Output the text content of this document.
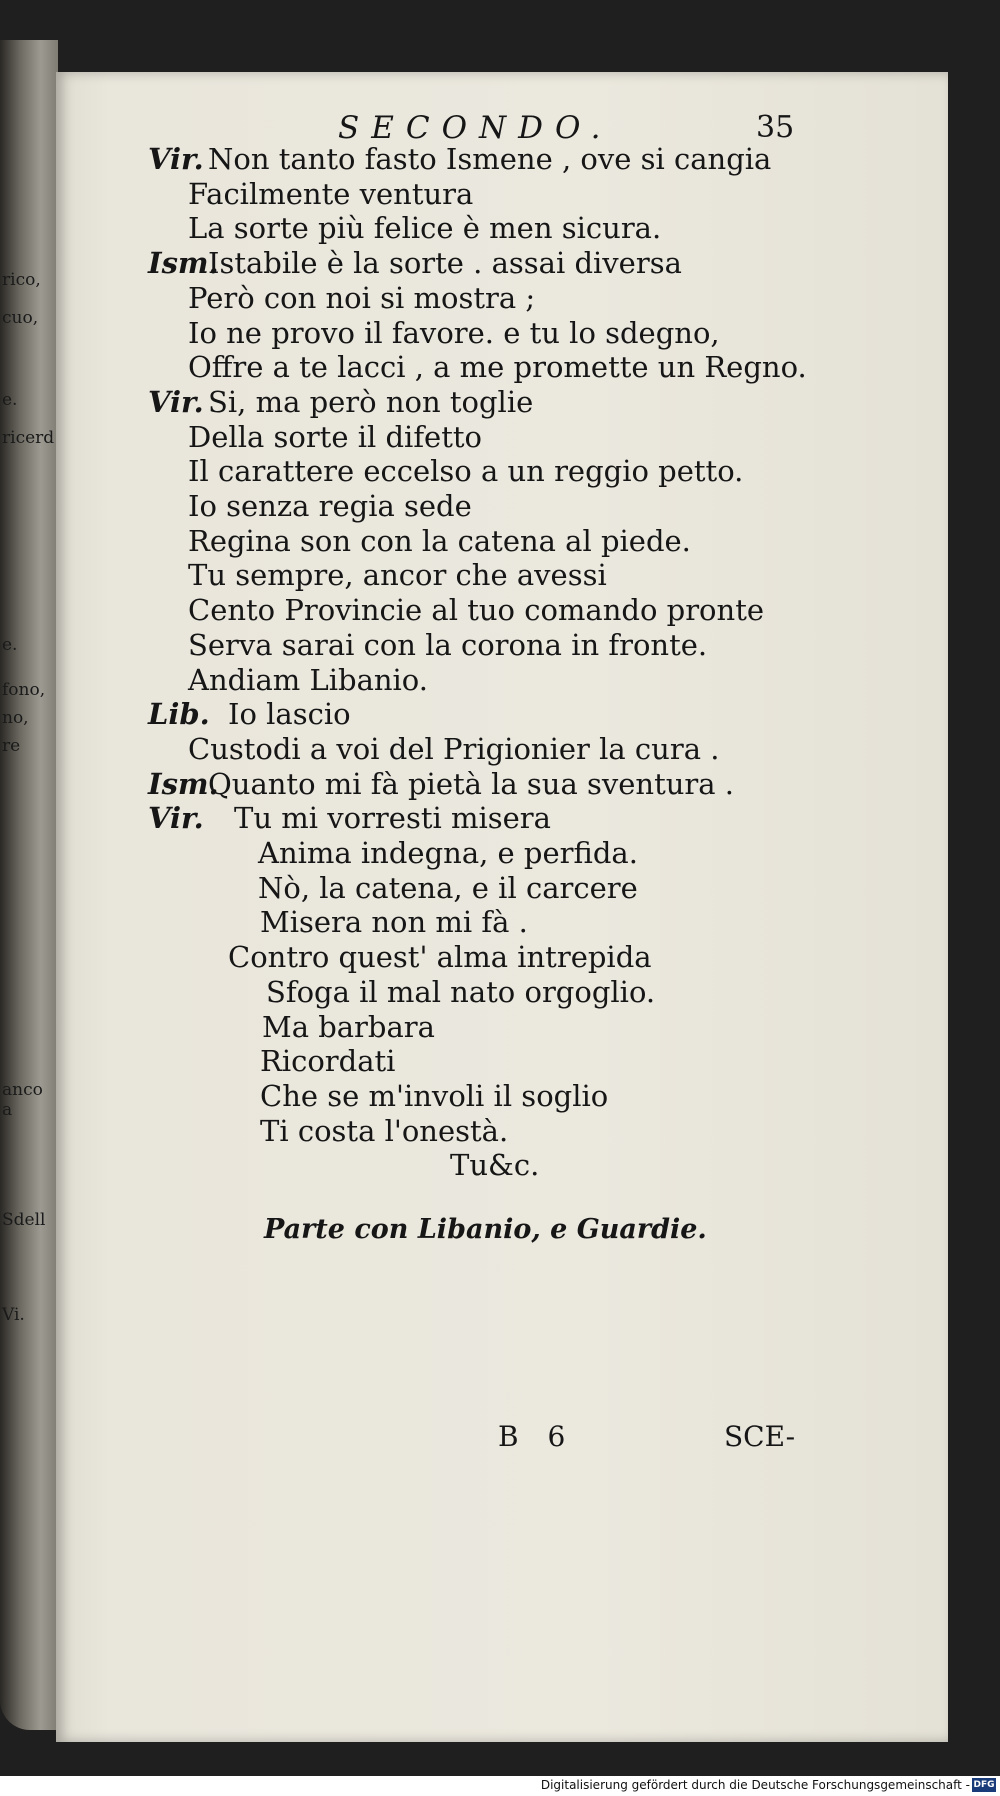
rico,
cuo,
e.
ricerd
e.
fono,
no,
re
anco a
Sdell
Vi.
SECONDO.	35
Vir. Non tanto fasto Ismene , ove si cangia
Facilmente ventura
La sorte più felice è men sicura.
Ism.
Istabile è la sorte . assai diversa
Però con noi si mostra ;
Io ne provo il favore. e tu lo sdegno,
Offre a te lacci , a me promette un Regno.
Vir. Si, ma però non toglie
Della sorte il difetto
Il carattere eccelso a un reggio petto.
Io senza regia sede
Regina son con la catena al piede.
Tu sempre, ancor che avessi
Cento Provincie al tuo comando pronte
Serva sarai con la corona in fronte.
Andiam Libanio.
Lib. Io lascio
Custodi a voi del Prigionier la cura .
Ism.
Quanto mi fà pietà la sua sventura .
Vir. Tu mi vorresti misera
Anima indegna, e perfida.
Nò, la catena, e il carcere
Misera non mi fà .
Contro quest' alma intrepida
Sfoga il mal nato orgoglio.
Ma barbara
Ricordati
Che se m'involi il soglio
Ti costa l'onestà.
Tu&c.
Parte con Libanio, e Guardie.
B 6	SCE-
Digitalisierung gefördert durch die Deutsche Forschungsgemeinschaft - DFG
